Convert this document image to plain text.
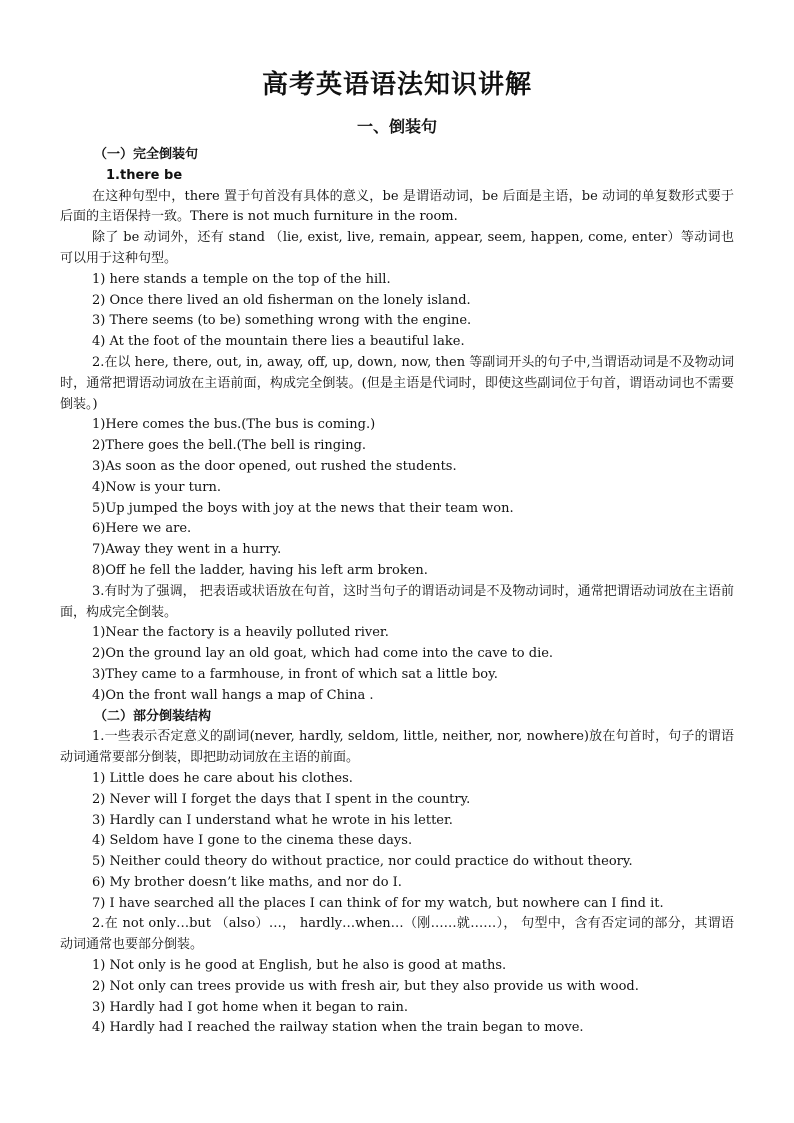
高考英语语法知识讲解
一、倒装句
（一）完全倒装句
1.there be
在这种句型中，there 置于句首没有具体的意义，be 是谓语动词，be 后面是主语，be 动词的单复数形式要于后面的主语保持一致。There is not much furniture in the room.
除了 be 动词外，还有 stand （lie, exist, live, remain, appear, seem, happen, come, enter）等动词也可以用于这种句型。
1) here stands a temple on the top of the hill.
2) Once there lived an old fisherman on the lonely island.
3) There seems (to be) something wrong with the engine.
4) At the foot of the mountain there lies a beautiful lake.
2.在以 here, there, out, in, away, off, up, down, now, then 等副词开头的句子中,当谓语动词是不及物动词时，通常把谓语动词放在主语前面，构成完全倒装。(但是主语是代词时，即使这些副词位于句首，谓语动词也不需要倒装。)
1)Here comes the bus.(The bus is coming.)
2)There goes the bell.(The bell is ringing.
3)As soon as the door opened, out rushed the students.
4)Now is your turn.
5)Up jumped the boys with joy at the news that their team won.
6)Here we are.
7)Away they went in a hurry.
8)Off he fell the ladder, having his left arm broken.
3.有时为了强调， 把表语或状语放在句首，这时当句子的谓语动词是不及物动词时，通常把谓语动词放在主语前面，构成完全倒装。
1)Near the factory is a heavily polluted river.
2)On the ground lay an old goat, which had come into the cave to die.
3)They came to a farmhouse, in front of which sat a little boy.
4)On the front wall hangs a map of China .
（二）部分倒装结构
1.一些表示否定意义的副词(never, hardly, seldom, little, neither, nor, nowhere)放在句首时，句子的谓语动词通常要部分倒装，即把助动词放在主语的前面。
1) Little does he care about his clothes.
2) Never will I forget the days that I spent in the country.
3) Hardly can I understand what he wrote in his letter.
4) Seldom have I gone to the cinema these days.
5) Neither could theory do without practice, nor could practice do without theory.
6) My brother doesn’t like maths, and nor do I.
7) I have searched all the places I can think of for my watch, but nowhere can I find it.
2.在 not only…but （also）…， hardly…when…（刚……就……）， 句型中，含有否定词的部分，其谓语动词通常也要部分倒装。
1) Not only is he good at English, but he also is good at maths.
2) Not only can trees provide us with fresh air, but they also provide us with wood.
3) Hardly had I got home when it began to rain.
4) Hardly had I reached the railway station when the train began to move.
